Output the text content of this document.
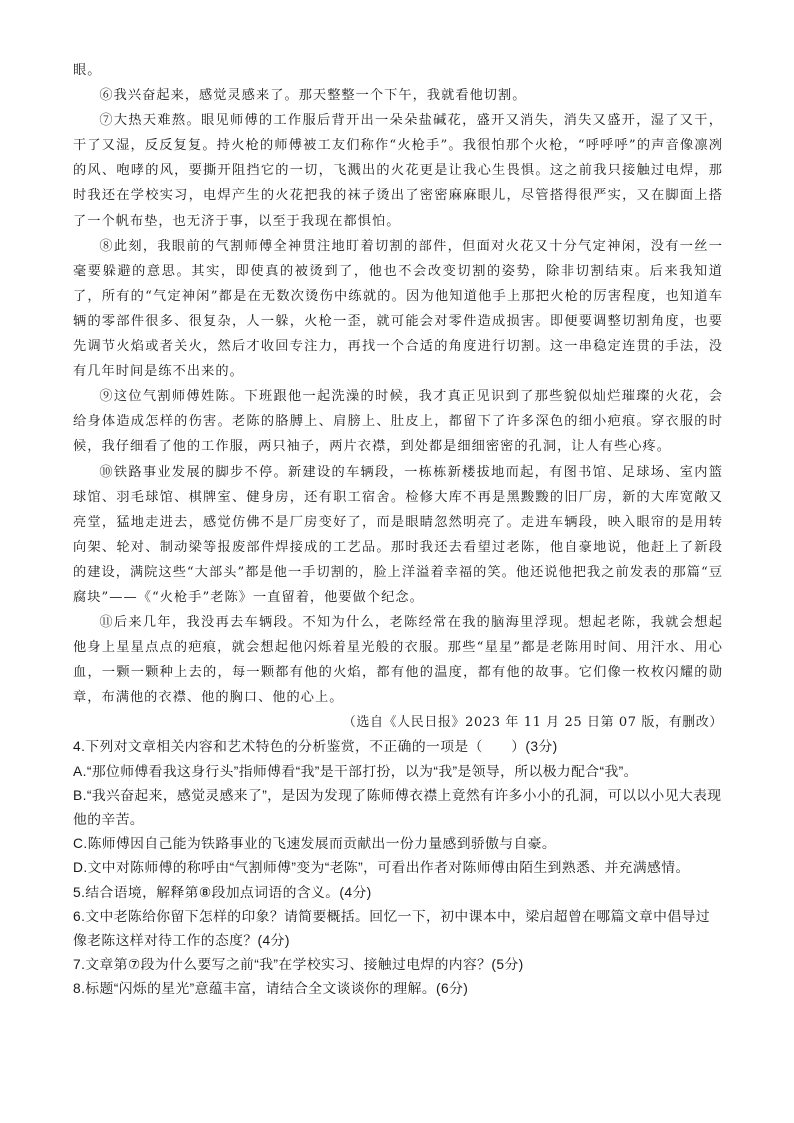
眼。

⑥我兴奋起来，感觉灵感来了。那天整整一个下午，我就看他切割。

⑦大热天难熬。眼见师傅的工作服后背开出一朵朵盐碱花，盛开又消失，消失又盛开，湿了又干，干了又湿，反反复复。持火枪的师傅被工友们称作“火枪手”。我很怕那个火枪，“呼呼呼”的声音像凛冽的风、咆哮的风，要撕开阻挡它的一切，飞溅出的火花更是让我心生畏惧。这之前我只接触过电焊，那时我还在学校实习，电焊产生的火花把我的袜子烫出了密密麻麻眼儿，尽管搭得很严实，又在脚面上搭了一个帆布垫，也无济于事，以至于我现在都惧怕。

⑧此刻，我眼前的气割师傅全神贯注地盯着切割的部件，但面对火花又十分气定神闲，没有一丝一毫要躲避的意思。其实，即使真的被烫到了，他也不会改变切割的姿势，除非切割结束。后来我知道了，所有的“气定神闲”都是在无数次烫伤中练就的。因为他知道他手上那把火枪的厉害程度，也知道车辆的零部件很多、很复杂，人一躲，火枪一歪，就可能会对零件造成损害。即便要调整切割角度，也要先调节火焰或者关火，然后才收回专注力，再找一个合适的角度进行切割。这一串稳定连贯的手法，没有几年时间是练不出来的。

⑨这位气割师傅姓陈。下班跟他一起洗澡的时候，我才真正见识到了那些貌似灿烂璀璨的火花，会给身体造成怎样的伤害。老陈的胳膊上、肩膀上、肚皮上，都留下了许多深色的细小疤痕。穿衣服的时候，我仔细看了他的工作服，两只袖子，两片衣襟，到处都是细细密密的孔洞，让人有些心疼。

⑩铁路事业发展的脚步不停。新建设的车辆段，一栋栋新楼拔地而起，有图书馆、足球场、室内篮球馆、羽毛球馆、棋牌室、健身房，还有职工宿舍。检修大库不再是黑黢黢的旧厂房，新的大库宽敞又亮堂，猛地走进去，感觉仿佛不是厂房变好了，而是眼睛忽然明亮了。走进车辆段，映入眼帘的是用转向架、轮对、制动梁等报废部件焊接成的工艺品。那时我还去看望过老陈，他自豪地说，他赶上了新段的建设，满院这些“大部头”都是他一手切割的，脸上洋溢着幸福的笑。他还说他把我之前发表的那篇“豆腐块”——《“火枪手”老陈》一直留着，他要做个纪念。

⑪后来几年，我没再去车辆段。不知为什么，老陈经常在我的脑海里浮现。想起老陈，我就会想起他身上星星点点的疤痕，就会想起他闪烁着星光般的衣服。那些“星星”都是老陈用时间、用汗水、用心血，一颗一颗种上去的，每一颗都有他的火焰，都有他的温度，都有他的故事。它们像一枚枚闪耀的勋章，布满他的衣襟、他的胸口、他的心上。

（选自《人民日报》2023 年 11 月 25 日第 07 版，有删改）

4.下列对文章相关内容和艺术特色的分析鉴赏，不正确的一项是（　　）(3分)

A.“那位师傅看我这身行头”指师傅看“我”是干部打扮，以为“我”是领导，所以极力配合“我”。

B.“我兴奋起来，感觉灵感来了”，是因为发现了陈师傅衣襟上竟然有许多小小的孔洞，可以以小见大表现他的辛苦。

C.陈师傅因自己能为铁路事业的飞速发展而贡献出一份力量感到骄傲与自豪。

D.文中对陈师傅的称呼由“气割师傅”变为“老陈”，可看出作者对陈师傅由陌生到熟悉、并充满感情。

5.结合语境，解释第⑧段加点词语的含义。(4分)

6.文中老陈给你留下怎样的印象？请简要概括。回忆一下，初中课本中，梁启超曾在哪篇文章中倡导过像老陈这样对待工作的态度？(4分)

7.文章第⑦段为什么要写之前“我”在学校实习、接触过电焊的内容？(5分)

8.标题“闪烁的星光”意蕴丰富，请结合全文谈谈你的理解。(6分)
